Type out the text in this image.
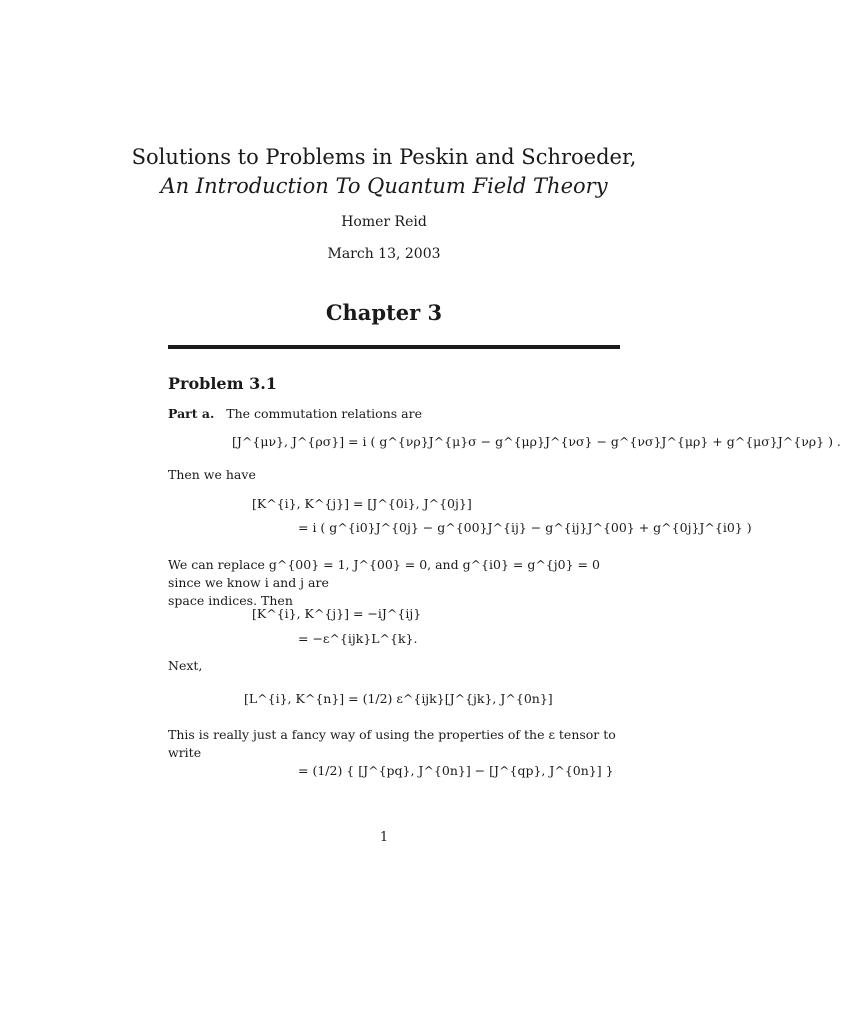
Solutions to Problems in Peskin and Schroeder,
An Introduction To Quantum Field Theory
Homer Reid
March 13, 2003
Chapter 3
Problem 3.1
Part a. The commutation relations are
[J^{μν}, J^{ρσ}] = i ( g^{νρ}J^{μ}σ − g^{μρ}J^{νσ} − g^{νσ}J^{μρ} + g^{μσ}J^{νρ} ) .
Then we have
[K^{i}, K^{j}] = [J^{0i}, J^{0j}]
= i ( g^{i0}J^{0j} − g^{00}J^{ij} − g^{ij}J^{00} + g^{0j}J^{i0} )
We can replace g^{00} = 1, J^{00} = 0, and g^{i0} = g^{j0} = 0 since we know i and j are
space indices. Then
[K^{i}, K^{j}] = −iJ^{ij}
= −ε^{ijk}L^{k}.
Next,
[L^{i}, K^{n}] = (1/2) ε^{ijk}[J^{jk}, J^{0n}]
This is really just a fancy way of using the properties of the ε tensor to write
= (1/2) { [J^{pq}, J^{0n}] − [J^{qp}, J^{0n}] }
1
